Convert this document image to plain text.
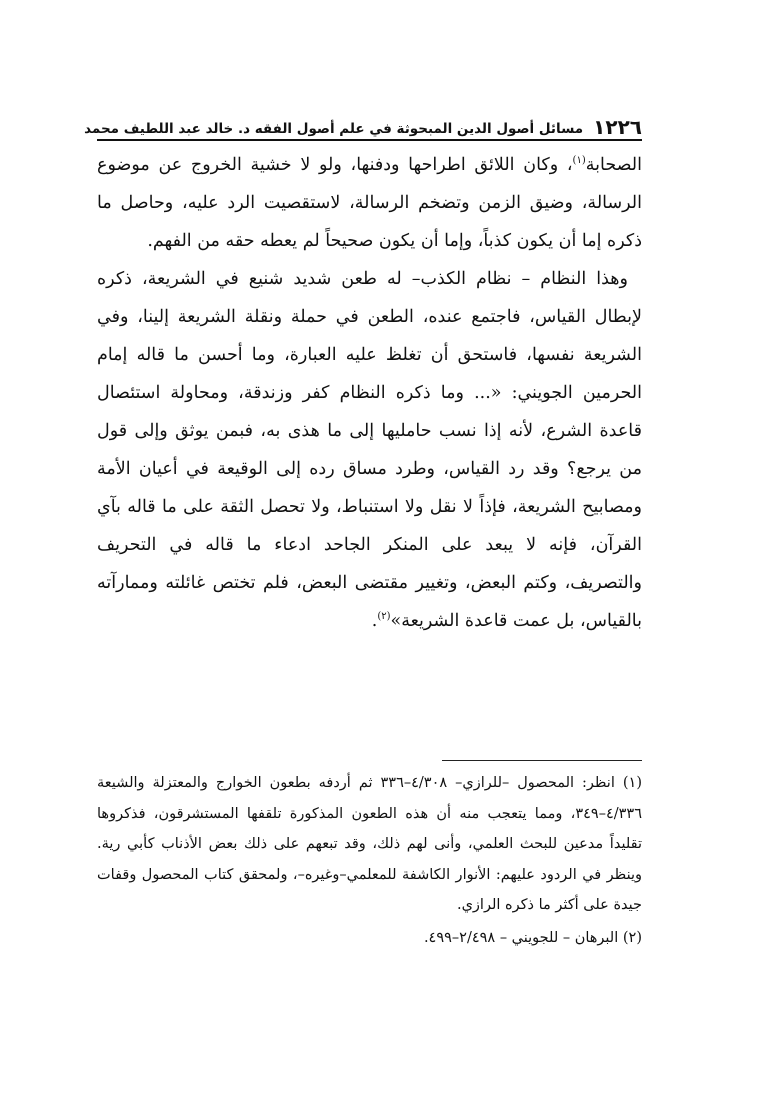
١٢٢٦
مسائل أصول الدين المبحوثة في علم أصول الفقه د. خالد عبد اللطيف محمد

الصحابة$^{(١)}$، وكان اللائق اطراحها ودفنها، ولو لا خشية الخروج عن موضوع الرسالة، وضيق الزمن وتضخم الرسالة، لاستقصيت الرد عليه، وحاصل ما ذكره إما أن يكون كذباً، وإما أن يكون صحيحاً لم يعطه حقه من الفهم.

وهذا النظام – نظام الكذب– له طعن شديد شنيع في الشريعة، ذكره لإبطال القياس، فاجتمع عنده، الطعن في حملة ونقلة الشريعة إلينا، وفي الشريعة نفسها، فاستحق أن تغلظ عليه العبارة، وما أحسن ما قاله إمام الحرمين الجويني: «... وما ذكره النظام كفر وزندقة، ومحاولة استئصال قاعدة الشرع، لأنه إذا نسب حامليها إلى ما هذى به، فبمن يوثق وإلى قول من يرجع؟ وقد رد القياس، وطرد مساق رده إلى الوقيعة في أعيان الأمة ومصابيح الشريعة، فإذاً لا نقل ولا استنباط، ولا تحصل الثقة على ما قاله بآي القرآن، فإنه لا يبعد على المنكر الجاحد ادعاء ما قاله في التحريف والتصريف، وكتم البعض، وتغيير مقتضى البعض، فلم تختص غائلته وممارآته بالقياس، بل عمت قاعدة الشريعة»$^{(٢)}$.

(١) انظر: المحصول –للرازي– ٤/٣٠٨–٣٣٦ ثم أردفه بطعون الخوارج والمعتزلة والشيعة ٤/٣٣٦–٣٤٩، ومما يتعجب منه أن هذه الطعون المذكورة تلقفها المستشرقون، فذكروها تقليداً مدعين للبحث العلمي، وأنى لهم ذلك، وقد تبعهم على ذلك بعض الأذناب كأبي رية. وينظر في الردود عليهم: الأنوار الكاشفة للمعلمي–وغيره–، ولمحقق كتاب المحصول وقفات جيدة على أكثر ما ذكره الرازي.

(٢) البرهان – للجويني – ٢/٤٩٨–٤٩٩.
